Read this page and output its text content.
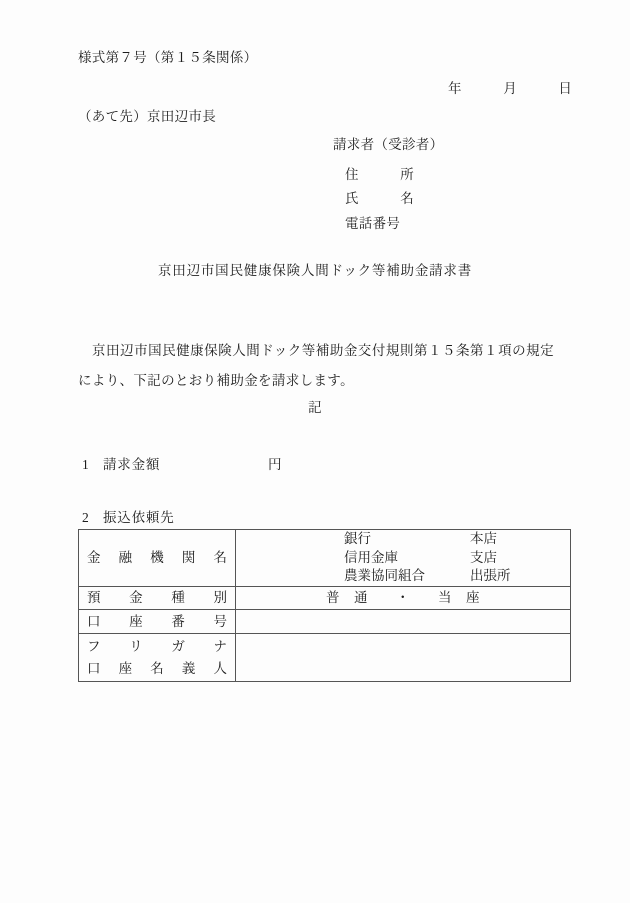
様式第７号（第１５条関係）
年　　　月　　　日
（あて先）京田辺市長
請求者（受診者）
住　　　所
氏　　　名
電話番号
京田辺市国民健康保険人間ドック等補助金請求書
京田辺市国民健康保険人間ドック等補助金交付規則第１５条第１項の規定により、下記のとおり補助金を請求します。
記
1 請求金額	円
2 振込依頼先
金 融 機 関 名	銀行 本店
信用金庫 支店
農業協同組合 出張所

預 金 種 別	普　通　　・　　当　座

口 座 番 号	

フ リ ガ ナ
口 座 名 義 人
